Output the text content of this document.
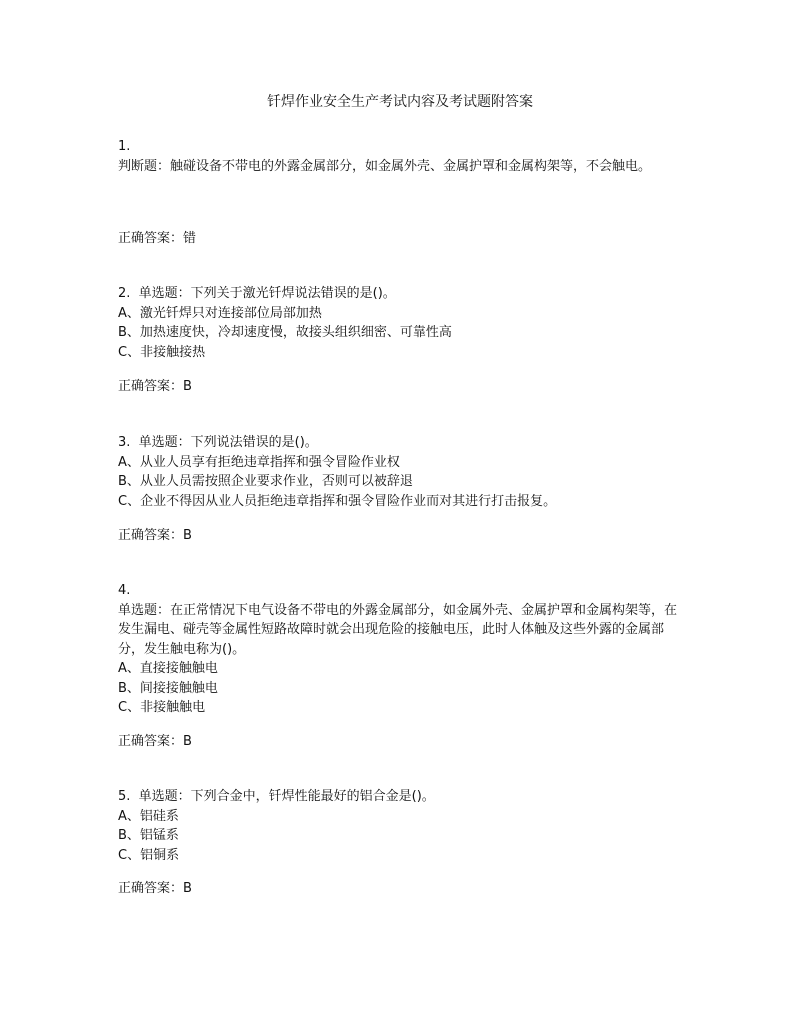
钎焊作业安全生产考试内容及考试题附答案
1.
判断题：触碰设备不带电的外露金属部分，如金属外壳、金属护罩和金属构架等，不会触电。
正确答案：错
2.  单选题：下列关于激光钎焊说法错误的是()。
A、激光钎焊只对连接部位局部加热
B、加热速度快，冷却速度慢，故接头组织细密、可靠性高
C、非接触接热
正确答案：B
3.  单选题：下列说法错误的是()。
A、从业人员享有拒绝违章指挥和强令冒险作业权
B、从业人员需按照企业要求作业，否则可以被辞退
C、企业不得因从业人员拒绝违章指挥和强令冒险作业而对其进行打击报复。
正确答案：B
4.
单选题：在正常情况下电气设备不带电的外露金属部分，如金属外壳、金属护罩和金属构架等，在发生漏电、碰壳等金属性短路故障时就会出现危险的接触电压，此时人体触及这些外露的金属部分，发生触电称为()。
A、直接接触触电
B、间接接触触电
C、非接触触电
正确答案：B
5.  单选题：下列合金中，钎焊性能最好的铝合金是()。
A、铝硅系
B、铝锰系
C、铝铜系
正确答案：B
